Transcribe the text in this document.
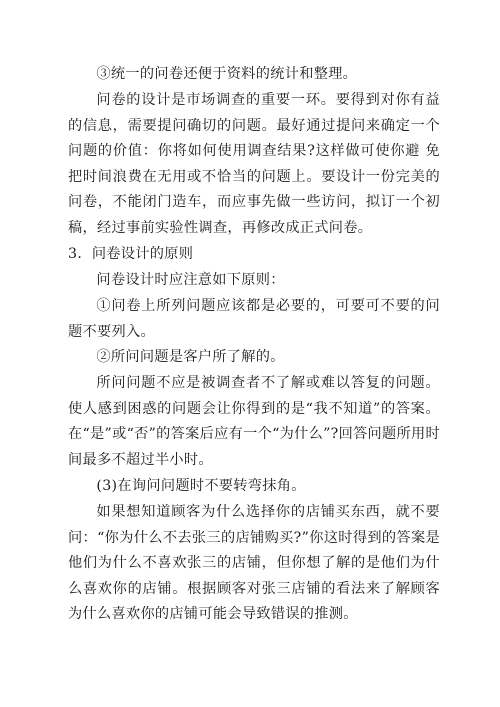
③统一的问卷还便于资料的统计和整理。

问卷的设计是市场调查的重要一环。要得到对你有益的信息，需要提问确切的问题。最好通过提问来确定一个问题的价值：你将如何使用调查结果?这样做可使你避 免把时间浪费在无用或不恰当的问题上。要设计一份完美的问卷，不能闭门造车，而应事先做一些访问，拟订一个初稿，经过事前实验性调查，再修改成正式问卷。

3．问卷设计的原则

问卷设计时应注意如下原则：

①问卷上所列问题应该都是必要的，可要可不要的问题不要列入。

②所问问题是客户所了解的。

所问问题不应是被调查者不了解或难以答复的问题。使人感到困惑的问题会让你得到的是“我不知道”的答案。在“是”或“否”的答案后应有一个“为什么”?回答问题所用时间最多不超过半小时。

(3)在询问问题时不要转弯抹角。

如果想知道顾客为什么选择你的店铺买东西，就不要问：“你为什么不去张三的店铺购买?”你这时得到的答案是他们为什么不喜欢张三的店铺，但你想了解的是他们为什么喜欢你的店铺。根据顾客对张三店铺的看法来了解顾客为什么喜欢你的店铺可能会导致错误的推测。
